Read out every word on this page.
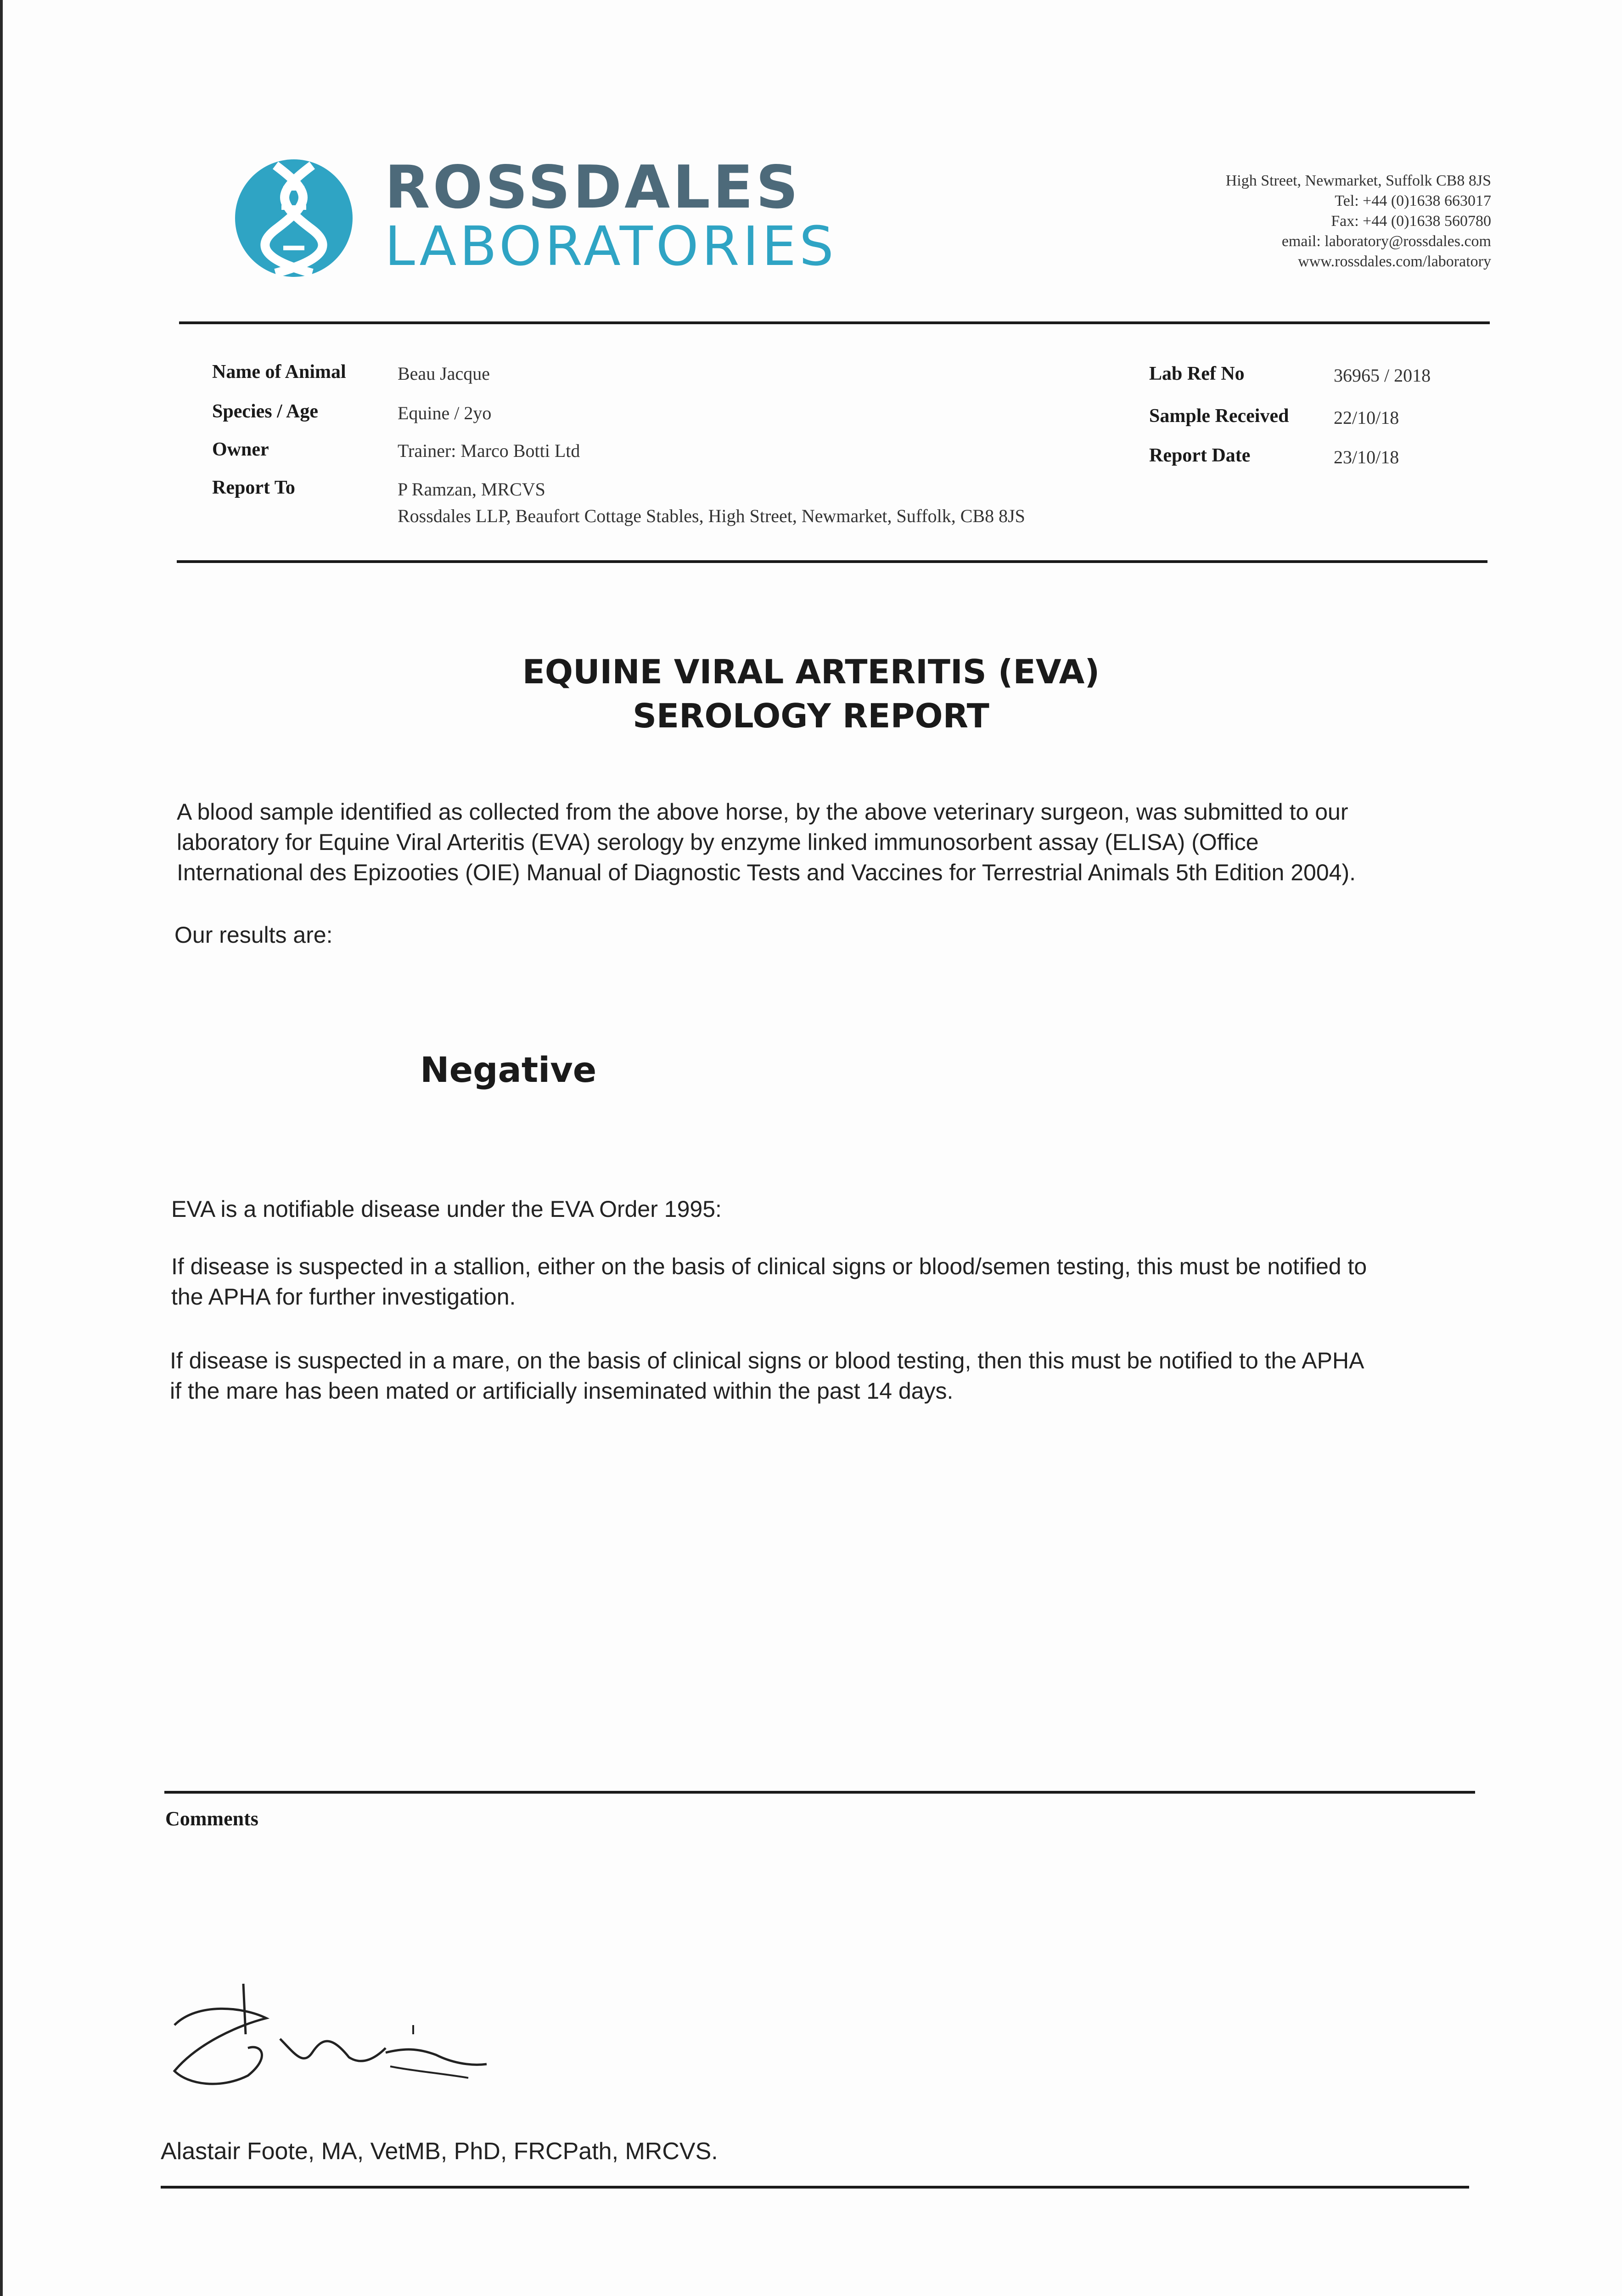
ROSSDALES
LABORATORIES
High Street, Newmarket, Suffolk CB8 8JS
Tel: +44 (0)1638 663017
Fax: +44 (0)1638 560780
email: laboratory@rossdales.com
www.rossdales.com/laboratory
Name of Animal	Beau Jacque
Species / Age	Equine / 2yo
Owner	Trainer: Marco Botti Ltd
Report To	P Ramzan, MRCVS
Rossdales LLP, Beaufort Cottage Stables, High Street, Newmarket, Suffolk, CB8 8JS
Lab Ref No	36965 / 2018
Sample Received 22/10/18
Report Date	23/10/18
EQUINE VIRAL ARTERITIS (EVA)
SEROLOGY REPORT
A blood sample identified as collected from the above horse, by the above veterinary surgeon, was submitted to our
laboratory for Equine Viral Arteritis (EVA) serology by enzyme linked immunosorbent assay (ELISA) (Office
International des Epizooties (OIE) Manual of Diagnostic Tests and Vaccines for Terrestrial Animals 5th Edition 2004).
Our results are:
Negative
EVA is a notifiable disease under the EVA Order 1995:
If disease is suspected in a stallion, either on the basis of clinical signs or blood/semen testing, this must be notified to
the APHA for further investigation.
If disease is suspected in a mare, on the basis of clinical signs or blood testing, then this must be notified to the APHA
if the mare has been mated or artificially inseminated within the past 14 days.
Comments
Alastair Foote, MA, VetMB, PhD, FRCPath, MRCVS.
